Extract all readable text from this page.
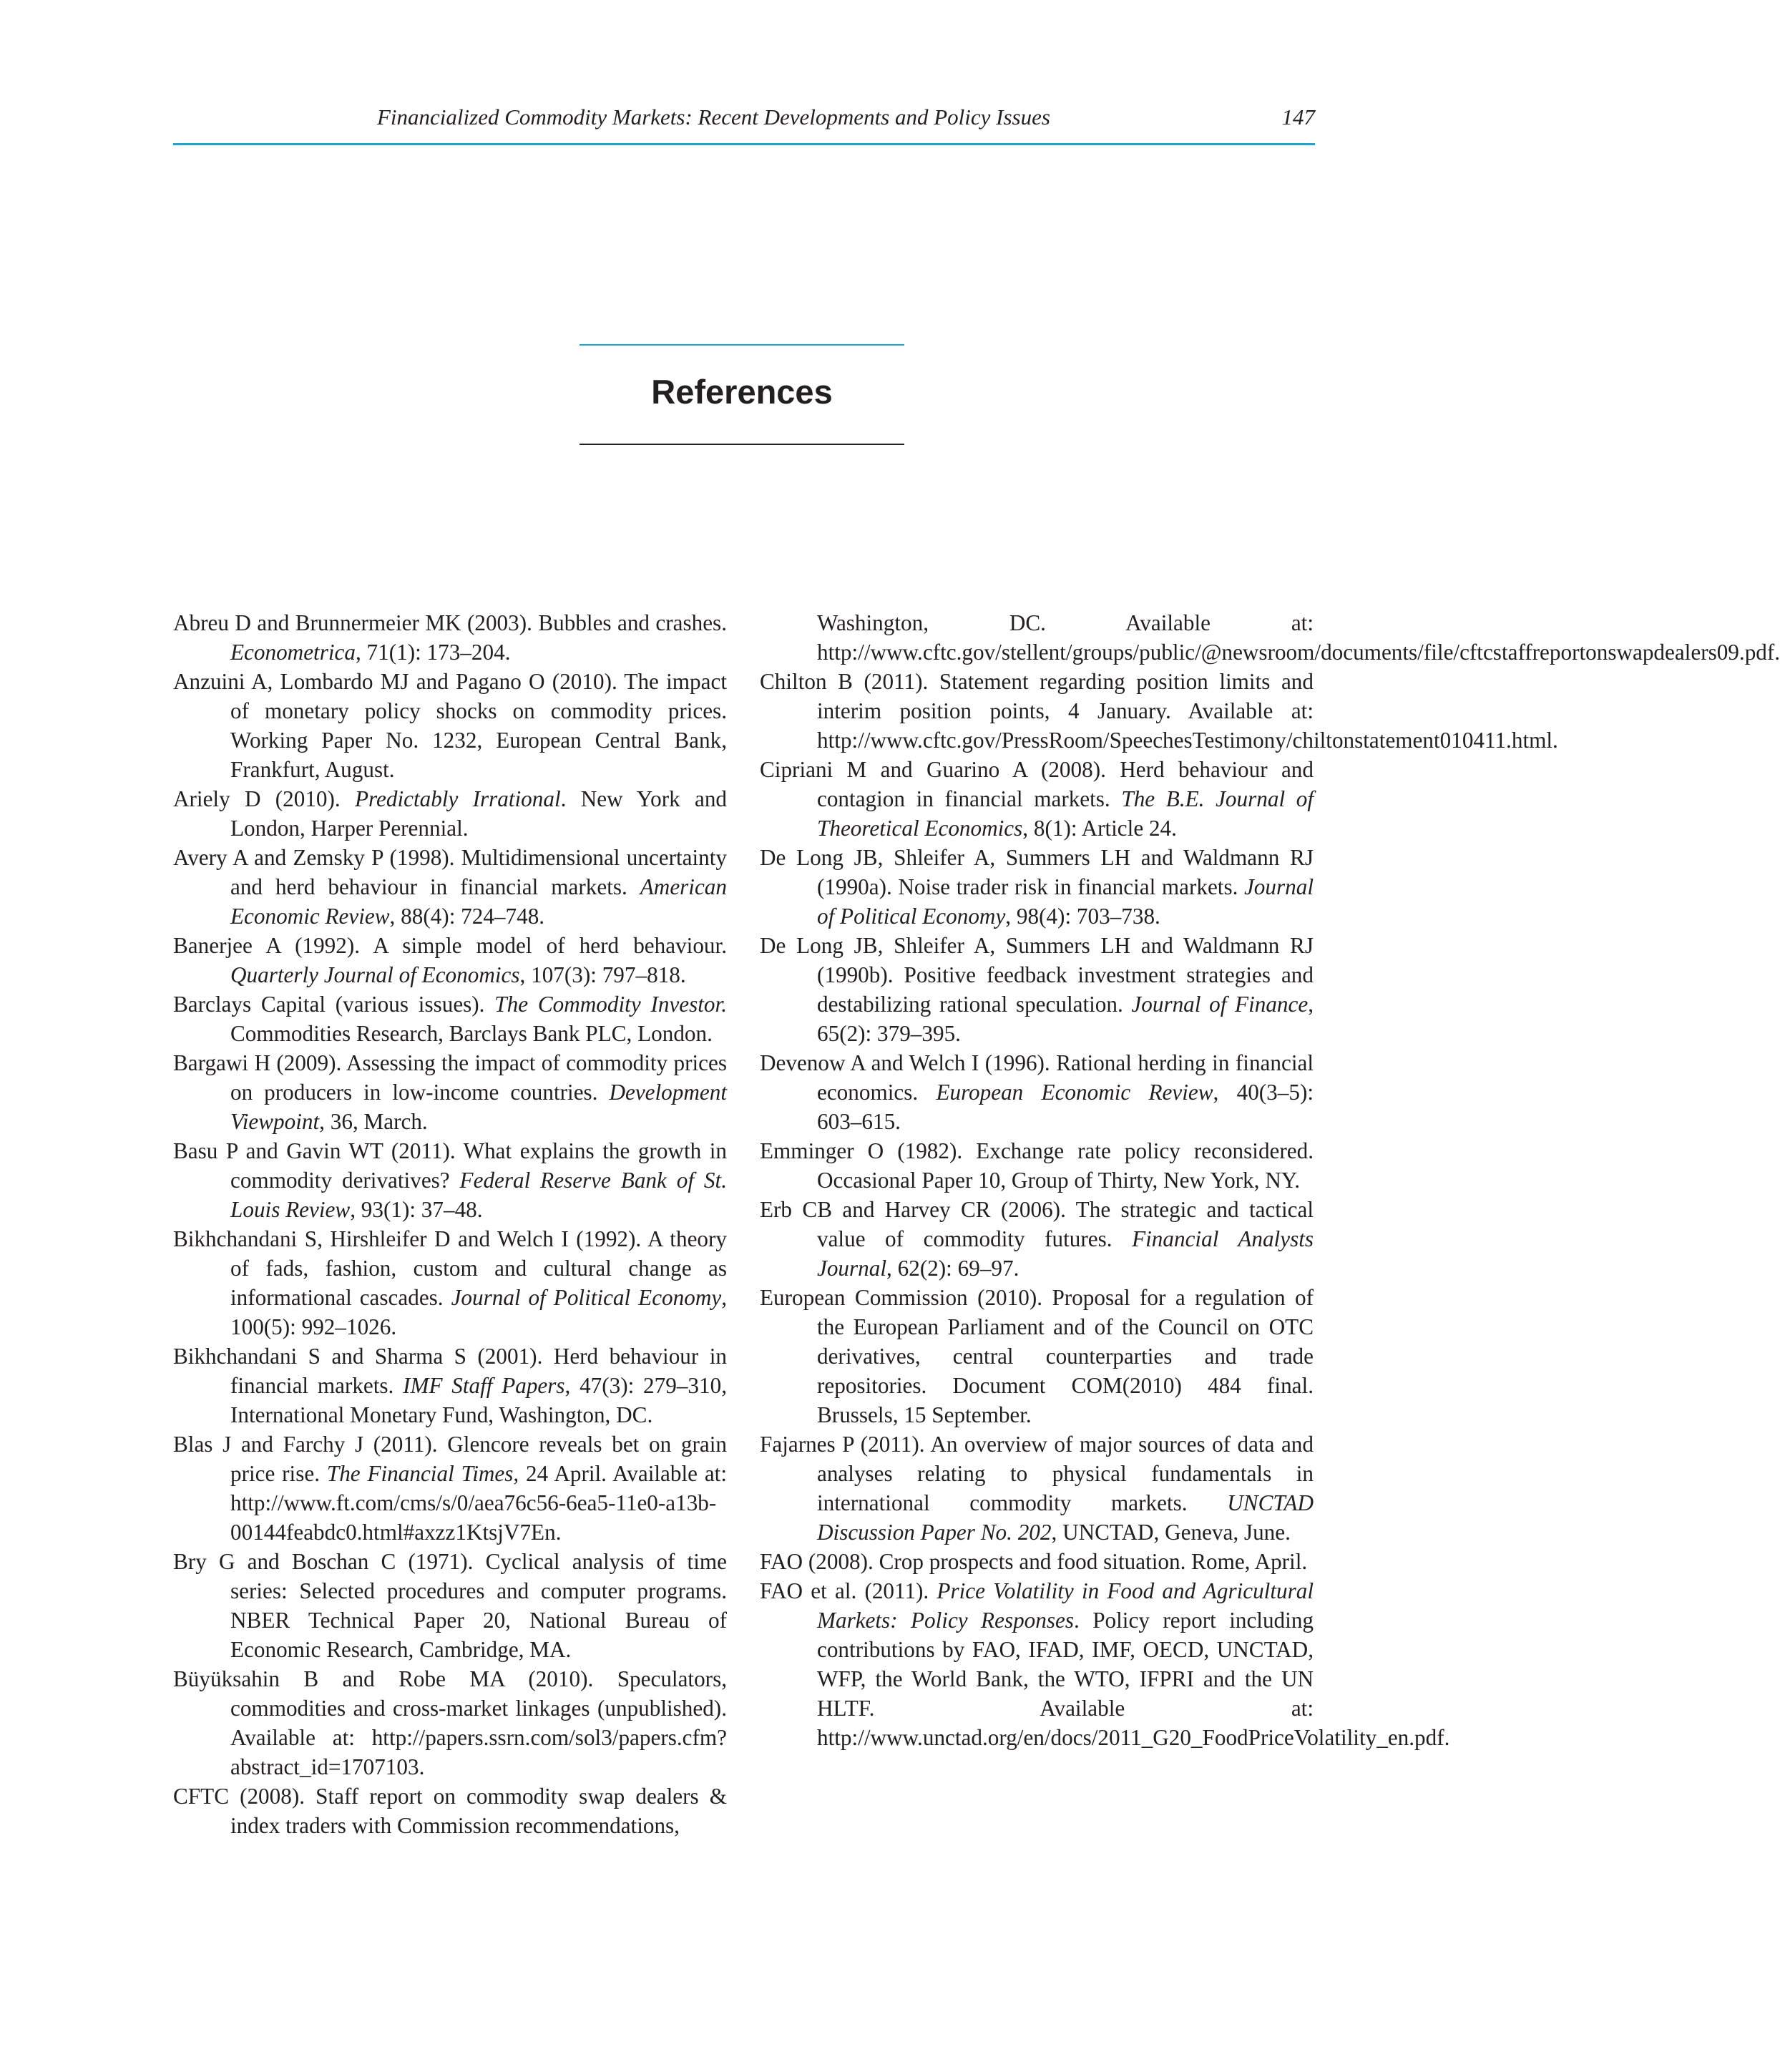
Financialized Commodity Markets: Recent Developments and Policy Issues	147
References

Abreu D and Brunnermeier MK (2003). Bubbles and crashes. Econometrica, 71(1): 173–204.

Anzuini A, Lombardo MJ and Pagano O (2010). The impact of monetary policy shocks on commodity prices. Working Paper No. 1232, European Central Bank, Frankfurt, August.

Ariely D (2010). Predictably Irrational. New York and London, Harper Perennial.

Avery A and Zemsky P (1998). Multidimensional uncertainty and herd behaviour in financial markets. American Economic Review, 88(4): 724–748.

Banerjee A (1992). A simple model of herd behaviour. Quarterly Journal of Economics, 107(3): 797–818.

Barclays Capital (various issues). The Commodity Investor. Commodities Research, Barclays Bank PLC, London.

Bargawi H (2009). Assessing the impact of commodity prices on producers in low-income countries. Development Viewpoint, 36, March.

Basu P and Gavin WT (2011). What explains the growth in commodity derivatives? Federal Reserve Bank of St. Louis Review, 93(1): 37–48.

Bikhchandani S, Hirshleifer D and Welch I (1992). A theory of fads, fashion, custom and cultural change as informational cascades. Journal of Political Economy, 100(5): 992–1026.

Bikhchandani S and Sharma S (2001). Herd behaviour in financial markets. IMF Staff Papers, 47(3): 279–310, International Monetary Fund, Washington, DC.

Blas J and Farchy J (2011). Glencore reveals bet on grain price rise. The Financial Times, 24 April. Available at: http://www.ft.com/cms/s/0/aea76c56-6ea5-11e0-a13b-00144feabdc0.html#axzz1KtsjV7En.

Bry G and Boschan C (1971). Cyclical analysis of time series: Selected procedures and computer programs. NBER Technical Paper 20, National Bureau of Economic Research, Cambridge, MA.

Büyüksahin B and Robe MA (2010). Speculators, commodities and cross-market linkages (unpublished). Available at: http://papers.ssrn.com/sol3/papers.cfm?abstract_id=1707103.

CFTC (2008). Staff report on commodity swap dealers & index traders with Commission recommendations,

Washington, DC. Available at: http://www.cftc.gov/stellent/groups/public/@newsroom/documents/file/cftcstaffreportonswapdealers09.pdf.

Chilton B (2011). Statement regarding position limits and interim position points, 4 January. Available at: http://www.cftc.gov/PressRoom/SpeechesTestimony/chiltonstatement010411.html.

Cipriani M and Guarino A (2008). Herd behaviour and contagion in financial markets. The B.E. Journal of Theoretical Economics, 8(1): Article 24.

De Long JB, Shleifer A, Summers LH and Waldmann RJ (1990a). Noise trader risk in financial markets. Journal of Political Economy, 98(4): 703–738.

De Long JB, Shleifer A, Summers LH and Waldmann RJ (1990b). Positive feedback investment strategies and destabilizing rational speculation. Journal of Finance, 65(2): 379–395.

Devenow A and Welch I (1996). Rational herding in financial economics. European Economic Review, 40(3–5): 603–615.

Emminger O (1982). Exchange rate policy reconsidered. Occasional Paper 10, Group of Thirty, New York, NY.

Erb CB and Harvey CR (2006). The strategic and tactical value of commodity futures. Financial Analysts Journal, 62(2): 69–97.

European Commission (2010). Proposal for a regulation of the European Parliament and of the Council on OTC derivatives, central counterparties and trade repositories. Document COM(2010) 484 final. Brussels, 15 September.

Fajarnes P (2011). An overview of major sources of data and analyses relating to physical fundamentals in international commodity markets. UNCTAD Discussion Paper No. 202, UNCTAD, Geneva, June.

FAO (2008). Crop prospects and food situation. Rome, April.

FAO et al. (2011). Price Volatility in Food and Agricultural Markets: Policy Responses. Policy report including contributions by FAO, IFAD, IMF, OECD, UNCTAD, WFP, the World Bank, the WTO, IFPRI and the UN HLTF. Available at: http://www.unctad.org/en/docs/2011_G20_FoodPriceVolatility_en.pdf.
